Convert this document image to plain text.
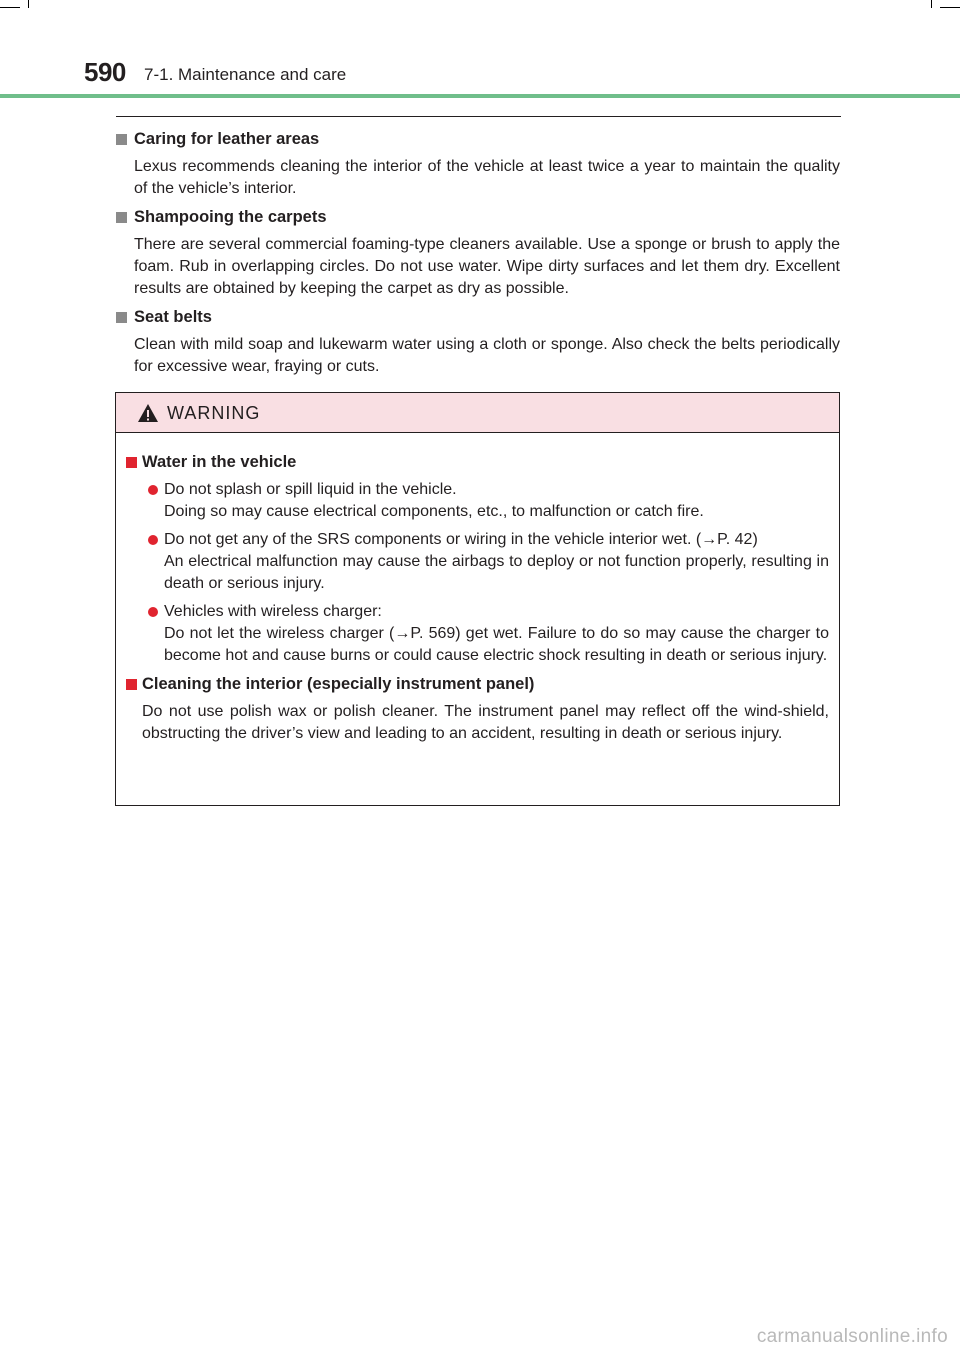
590 7-1. Maintenance and care
Caring for leather areas

Lexus recommends cleaning the interior of the vehicle at least twice a year to maintain the quality of the vehicle’s interior.

Shampooing the carpets

There are several commercial foaming-type cleaners available. Use a sponge or brush to apply the foam. Rub in overlapping circles. Do not use water. Wipe dirty surfaces and let them dry. Excellent results are obtained by keeping the carpet as dry as possible.

Seat belts

Clean with mild soap and lukewarm water using a cloth or sponge. Also check the belts periodically for excessive wear, fraying or cuts.

WARNING
Water in the vehicle
Do not splash or spill liquid in the vehicle.
Doing so may cause electrical components, etc., to malfunction or catch fire.
Do not get any of the SRS components or wiring in the vehicle interior wet. (→P. 42)
An electrical malfunction may cause the airbags to deploy or not function properly, resulting in death or serious injury.
Vehicles with wireless charger:
Do not let the wireless charger (→P. 569) get wet. Failure to do so may cause the charger to become hot and cause burns or could cause electric shock resulting in death or serious injury.
Cleaning the interior (especially instrument panel)

Do not use polish wax or polish cleaner. The instrument panel may reflect off the wind-shield, obstructing the driver’s view and leading to an accident, resulting in death or serious injury.

carmanualsonline.info
